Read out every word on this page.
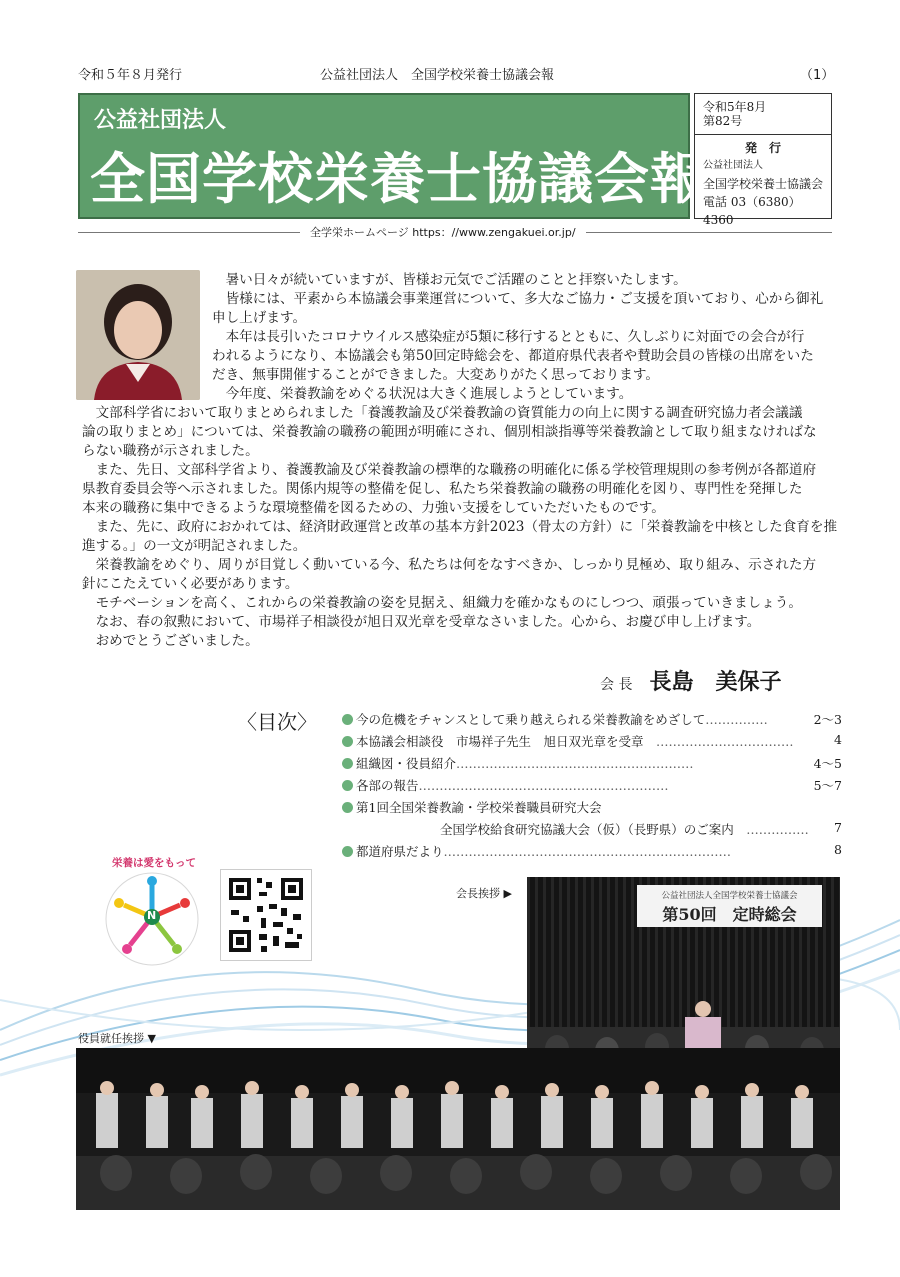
令和５年８月発行	公益社団法人　全国学校栄養士協議会報	（1）
公益社団法人
全国学校栄養士協議会報
令和5年8月
第82号
発　行
公益社団法人
全国学校栄養士協議会
電話 03（6380）4360
全学栄ホームページ https：//www.zengakuei.or.jp/
　暑い日々が続いていますが、皆様お元気でご活躍のことと拝察いたします。
　皆様には、平素から本協議会事業運営について、多大なご協力・ご支援を頂いており、心から御礼
申し上げます。
　本年は長引いたコロナウイルス感染症が5類に移行するとともに、久しぶりに対面での会合が行
われるようになり、本協議会も第50回定時総会を、都道府県代表者や賛助会員の皆様の出席をいた
だき、無事開催することができました。大変ありがたく思っております。
　今年度、栄養教諭をめぐる状況は大きく進展しようとしています。
　文部科学省において取りまとめられました「養護教諭及び栄養教諭の資質能力の向上に関する調査研究協力者会議議
論の取りまとめ」については、栄養教諭の職務の範囲が明確にされ、個別相談指導等栄養教諭として取り組まなければな
らない職務が示されました。
　また、先日、文部科学省より、養護教諭及び栄養教諭の標準的な職務の明確化に係る学校管理規則の参考例が各都道府
県教育委員会等へ示されました。関係内規等の整備を促し、私たち栄養教諭の職務の明確化を図り、専門性を発揮した
本来の職務に集中できるような環境整備を図るための、力強い支援をしていただいたものです。
　また、先に、政府におかれては、経済財政運営と改革の基本方針2023（骨太の方針）に「栄養教諭を中核とした食育を推
進する。」の一文が明記されました。
　栄養教諭をめぐり、周りが目覚しく動いている今、私たちは何をなすべきか、しっかり見極め、取り組み、示された方
針にこたえていく必要があります。
　モチベーションを高く、これからの栄養教諭の姿を見据え、組織力を確かなものにしつつ、頑張っていきましょう。
　なお、春の叙勲において、市場祥子相談役が旭日双光章を受章なさいました。心から、お慶び申し上げます。
　おめでとうございました。
会 長 長島　美保子
〈目次〉	今の危機をチャンスとして乗り越えられる栄養教諭をめざして……………	2～3
本協議会相談役　市場祥子先生　旭日双光章を受章　……………………………	4
組織図・役員紹介…………………………………………………	4～5
各部の報告……………………………………………………	5～7
第1回全国栄養教諭・学校栄養職員研究大会
全国学校給食研究協議大会（仮）（長野県）のご案内　…………… 7
都道府県だより……………………………………………………………	8
N
栄養は愛をもって
会長挨拶 ▶	公益社団法人全国学校栄養士協議会
第50回　定時総会
役員就任挨拶 ▼
